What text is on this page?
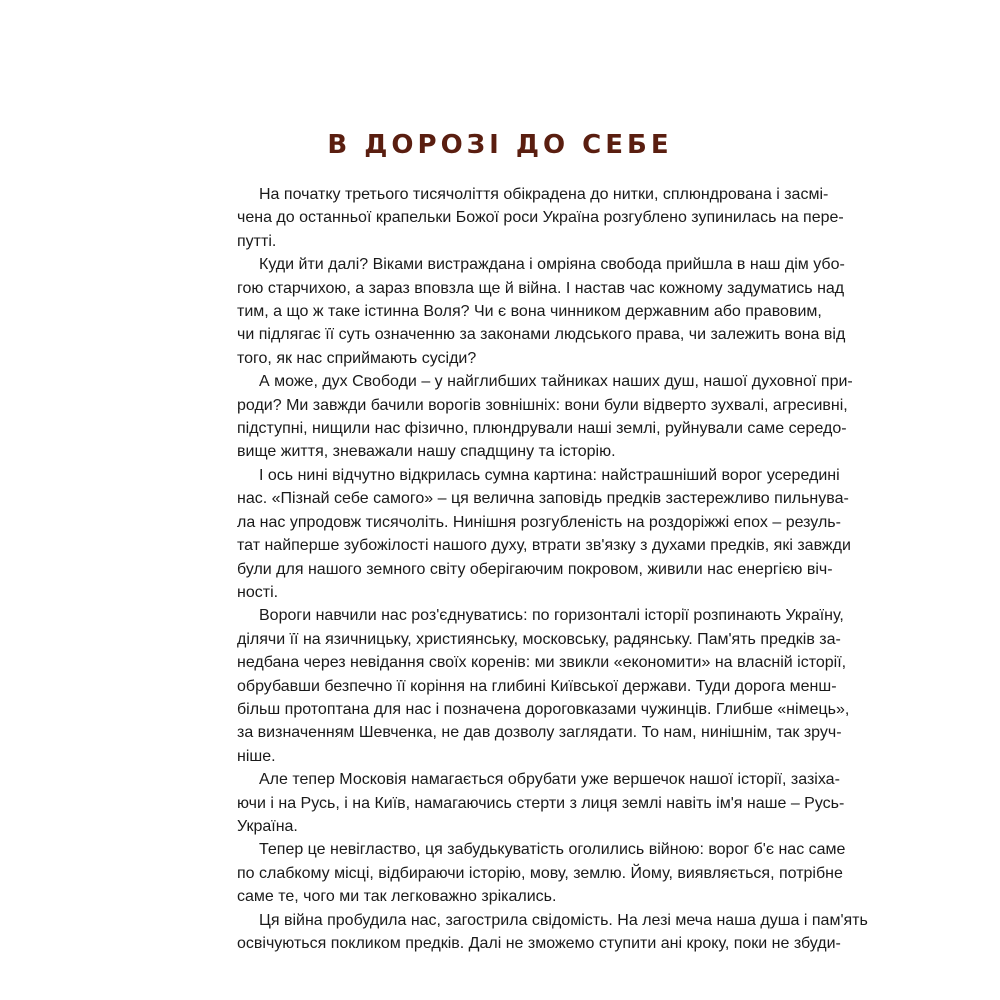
В ДОРОЗІ ДО СЕБЕ

На початку третього тисячоліття обікрадена до нитки, сплюндрована і засмі-
чена до останньої крапельки Божої роси Україна розгублено зупинилась на пере-
путті.

Куди йти далі? Віками вистраждана і омріяна свобода прийшла в наш дім убо-
гою старчихою, а зараз вповзла ще й війна. І настав час кожному задуматись над
тим, а що ж таке істинна Воля? Чи є вона чинником державним або правовим,
чи підлягає її суть означенню за законами людського права, чи залежить вона від
того, як нас сприймають сусіди?

А може, дух Свободи – у найглибших тайниках наших душ, нашої духовної при-
роди? Ми завжди бачили ворогів зовнішніх: вони були відверто зухвалі, агресивні,
підступні, нищили нас фізично, плюндрували наші землі, руйнували саме середо-
вище життя, зневажали нашу спадщину та історію.

І ось нині відчутно відкрилась сумна картина: найстрашніший ворог усередині
нас. «Пізнай себе самого» – ця велична заповідь предків застережливо пильнува-
ла нас упродовж тисячоліть. Нинішня розгубленість на роздоріжжі епох – резуль-
тат найперше зубожілості нашого духу, втрати зв'язку з духами предків, які завжди
були для нашого земного світу оберігаючим покровом, живили нас енергією віч-
ності.

Вороги навчили нас роз'єднуватись: по горизонталі історії розпинають Україну,
ділячи її на язичницьку, християнську, московську, радянську. Пам'ять предків за-
недбана через невідання своїх коренів: ми звикли «економити» на власній історії,
обрубавши безпечно її коріння на глибині Київської держави. Туди дорога менш-
більш протоптана для нас і позначена дороговказами чужинців. Глибше «німець»,
за визначенням Шевченка, не дав дозволу заглядати. То нам, нинішнім, так зруч-
ніше.

Але тепер Московія намагається обрубати уже вершечок нашої історії, зазіха-
ючи і на Русь, і на Київ, намагаючись стерти з лиця землі навіть ім'я наше – Русь-
Україна.

Тепер це невігластво, ця забудькуватість оголились війною: ворог б'є нас саме
по слабкому місці, відбираючи історію, мову, землю. Йому, виявляється, потрібне
саме те, чого ми так легковажно зрікались.

Ця війна пробудила нас, загострила свідомість. На лезі меча наша душа і пам'ять
освічуються покликом предків. Далі не зможемо ступити ані кроку, поки не збуди-
